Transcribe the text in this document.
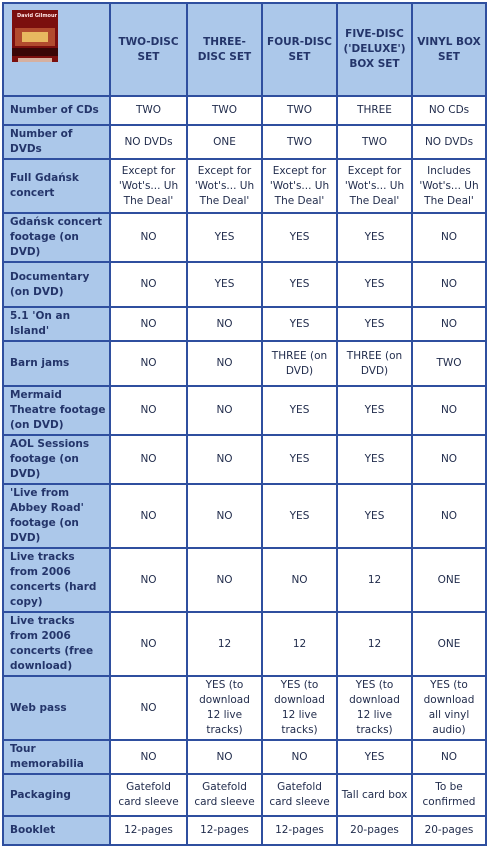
David Gilmour	TWO-DISC SET	THREE-DISC SET	FOUR-DISC SET	FIVE-DISC ('DELUXE') BOX SET	VINYL BOX SET
Number of CDs	TWO	TWO	TWO	THREE	NO CDs
Number of DVDs	NO DVDs	ONE	TWO	TWO	NO DVDs
Full Gdańsk concert	Except for 'Wot's... Uh The Deal'	Except for 'Wot's... Uh The Deal'	Except for 'Wot's... Uh The Deal'	Except for 'Wot's... Uh The Deal'	Includes 'Wot's... Uh The Deal'
Gdańsk concert footage (on DVD)	NO	YES	YES	YES	NO
Documentary (on DVD)	NO	YES	YES	YES	NO
5.1 'On an Island'	NO	NO	YES	YES	NO
Barn jams	NO	NO	THREE (on DVD)	THREE (on DVD)	TWO
Mermaid Theatre footage (on DVD)	NO	NO	YES	YES	NO
AOL Sessions footage (on DVD)	NO	NO	YES	YES	NO
'Live from Abbey Road' footage (on DVD)	NO	NO	YES	YES	NO
Live tracks from 2006 concerts (hard copy)	NO	NO	NO	12	ONE
Live tracks from 2006 concerts (free download)	NO	12	12	12	ONE
Web pass	NO	YES (to download 12 live tracks)	YES (to download 12 live tracks)	YES (to download 12 live tracks)	YES (to download all vinyl audio)
Tour memorabilia	NO	NO	NO	YES	NO
Packaging	Gatefold card sleeve	Gatefold card sleeve	Gatefold card sleeve	Tall card box	To be confirmed
Booklet	12-pages	12-pages	12-pages	20-pages	20-pages
